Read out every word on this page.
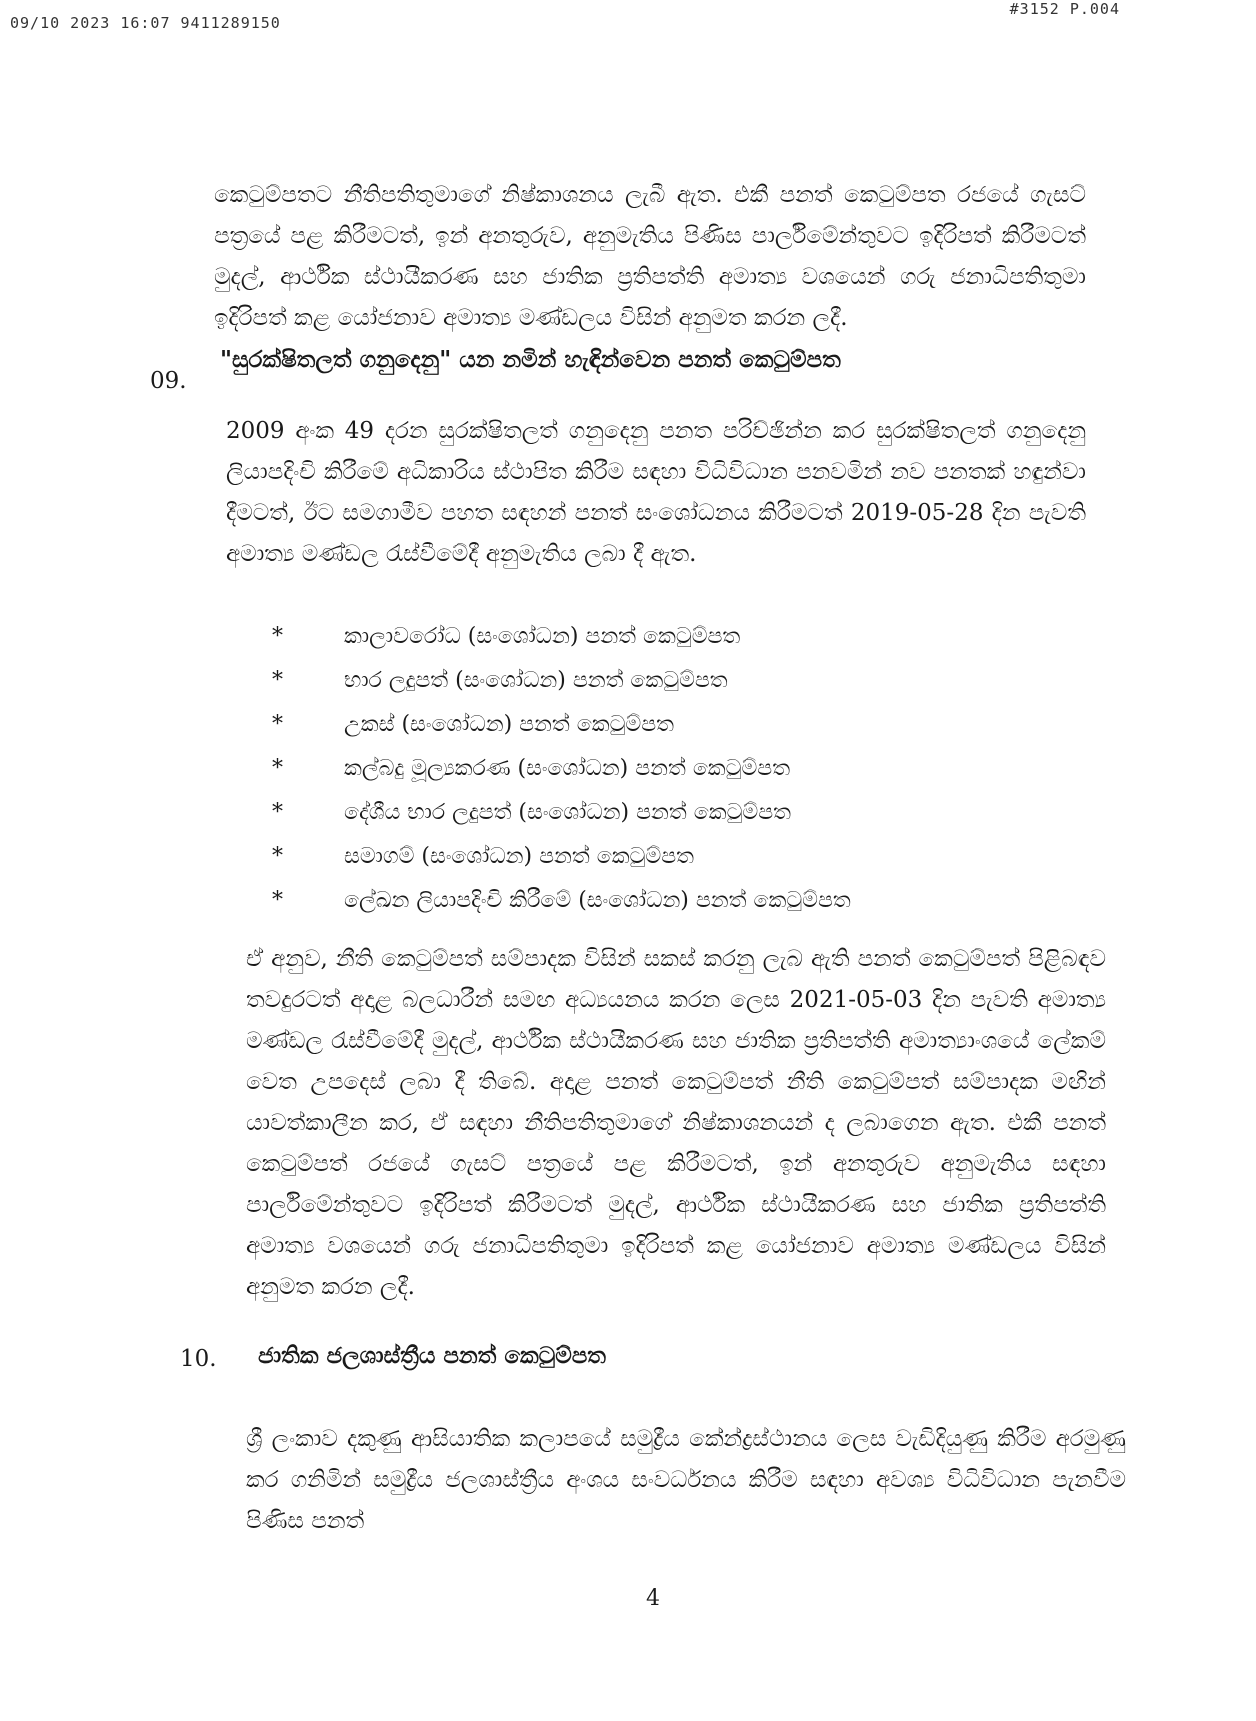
09/10 2023 16:07 9411289150
#3152 P.004

කෙටුම්පතට නීතිපතිතුමාගේ නිෂ්කාශනය ලැබී ඇත. එකී පනත් කෙටුම්පත රජයේ ගැසට් පත්‍රයේ පළ කිරීමටත්, ඉන් අනතුරුව, අනුමැතිය පිණිස පාර්ලිමේන්තුවට ඉදිරිපත් කිරීමටත් මුදල්, ආර්ථික ස්ථායීකරණ සහ ජාතික ප්‍රතිපත්ති අමාත්‍ය වශයෙන් ගරු ජනාධිපතිතුමා ඉදිරිපත් කළ යෝජනාව අමාත්‍ය මණ්ඩලය විසින් අනුමත කරන ලදී.

09.
"සුරක්ෂිතලත් ගනුදෙනු" යන නමින් හැඳින්වෙන පනත් කෙටුම්පත

2009 අංක 49 දරන සුරක්ෂිතලත් ගනුදෙනු පනත පරිච්ඡින්න කර සුරක්ෂිතලත් ගනුදෙනු ලියාපදිංචි කිරීමේ අධිකාරිය ස්ථාපිත කිරීම සඳහා විධිවිධාන පනවමින් නව පනතක් හඳුන්වා දීමටත්, ඊට සමගාමීව පහත සඳහන් පනත් සංශෝධනය කිරීමටත් 2019-05-28 දින පැවති අමාත්‍ය මණ්ඩල රැස්වීමේදී අනුමැතිය ලබා දී ඇත.

*	කාලාවරෝධ (සංශෝධන) පනත් කෙටුම්පත
*	භාර ලදුපත් (සංශෝධන) පනත් කෙටුම්පත
*	උකස් (සංශෝධන) පනත් කෙටුම්පත
*	කල්බදු මූල්‍යකරණ (සංශෝධන) පනත් කෙටුම්පත
*	දේශීය භාර ලදුපත් (සංශෝධන) පනත් කෙටුම්පත
*	සමාගම් (සංශෝධන) පනත් කෙටුම්පත
*	ලේඛන ලියාපදිංචි කිරීමේ (සංශෝධන) පනත් කෙටුම්පත

ඒ අනුව, නීති කෙටුම්පත් සම්පාදක විසින් සකස් කරනු ලැබ ඇති පනත් කෙටුම්පත් පිළිබඳව තවදුරටත් අදාළ බලධාරීන් සමඟ අධ්‍යයනය කරන ලෙස 2021-05-03 දින පැවති අමාත්‍ය මණ්ඩල රැස්වීමේදී මුදල්, ආර්ථික ස්ථායීකරණ සහ ජාතික ප්‍රතිපත්ති අමාත්‍යාංශයේ ලේකම් වෙත උපදෙස් ලබා දී තිබේ. අදාළ පනත් කෙටුම්පත් නීති කෙටුම්පත් සම්පාදක මඟින් යාවත්කාලීන කර, ඒ සඳහා නීතිපතිතුමාගේ නිෂ්කාශනයන් ද ලබාගෙන ඇත. එකී පනත් කෙටුම්පත් රජයේ ගැසට් පත්‍රයේ පළ කිරීමටත්, ඉන් අනතුරුව අනුමැතිය සඳහා පාර්ලිමේන්තුවට ඉදිරිපත් කිරීමටත් මුදල්, ආර්ථික ස්ථායීකරණ සහ ජාතික ප්‍රතිපත්ති අමාත්‍ය වශයෙන් ගරු ජනාධිපතිතුමා ඉදිරිපත් කළ යෝජනාව අමාත්‍ය මණ්ඩලය විසින් අනුමත කරන ලදී.

10. ජාතික ජලශාස්ත්‍රීය පනත් කෙටුම්පත

ශ්‍රී ලංකාව දකුණු ආසියාතික කලාපයේ සමුද්‍රීය කේන්ද්‍රස්ථානය ලෙස වැඩිදියුණු කිරීම අරමුණු කර ගනිමින් සමුද්‍රීය ජලශාස්ත්‍රීය අංශය සංවර්ධනය කිරීම සඳහා අවශ්‍ය විධිවිධාන පැනවීම පිණිස පනත්

4
